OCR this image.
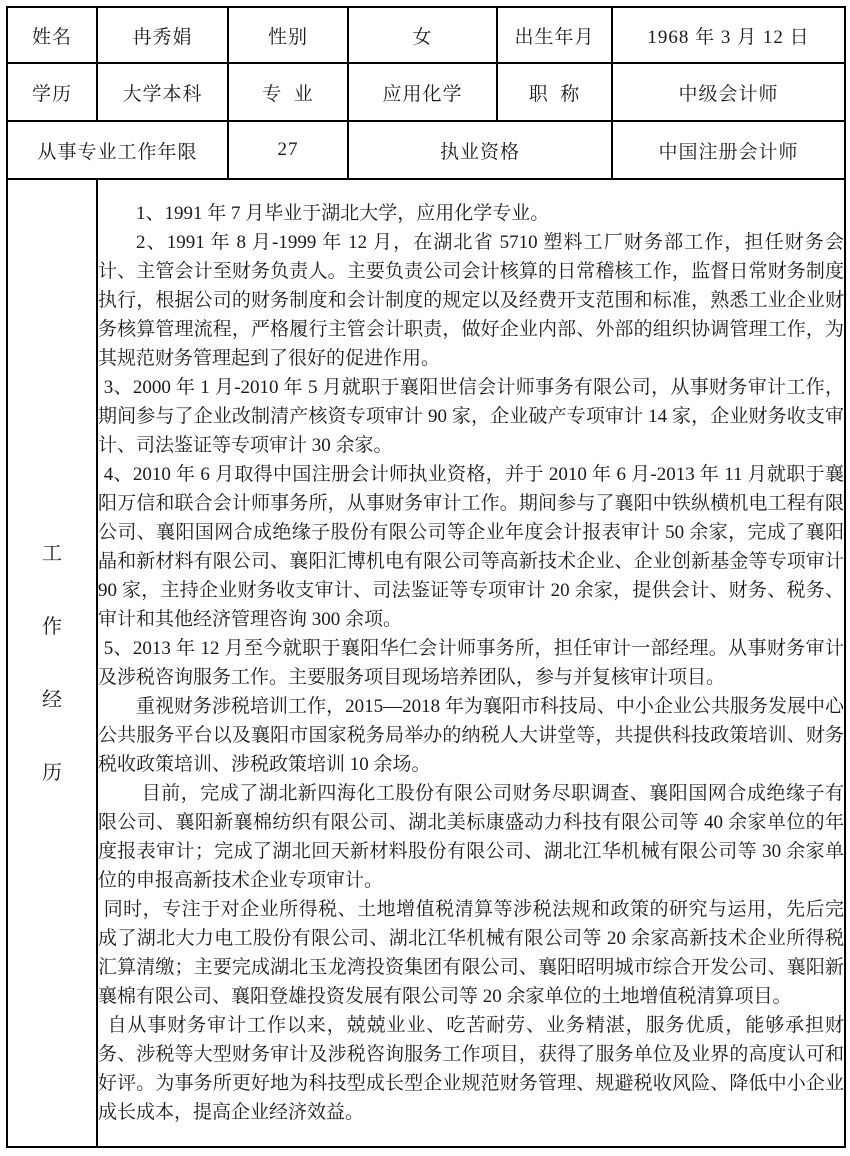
姓名	冉秀娟	性别	女	出生年月	1968 年 3 月 12 日
学历	大学本科	专  业	应用化学	职  称	中级会计师
从事专业工作年限		27	执业资格		中国注册会计师

工
作
经
历

1、1991 年 7 月毕业于湖北大学，应用化学专业。

2、1991 年 8 月-1999 年 12 月，在湖北省 5710 塑料工厂财务部工作，担任财务会计、主管会计至财务负责人。主要负责公司会计核算的日常稽核工作，监督日常财务制度执行，根据公司的财务制度和会计制度的规定以及经费开支范围和标准，熟悉工业企业财务核算管理流程，严格履行主管会计职责，做好企业内部、外部的组织协调管理工作，为其规范财务管理起到了很好的促进作用。

3、2000 年 1 月-2010 年 5 月就职于襄阳世信会计师事务有限公司，从事财务审计工作，期间参与了企业改制清产核资专项审计 90 家，企业破产专项审计 14 家，企业财务收支审计、司法鉴证等专项审计 30 余家。

4、2010 年 6 月取得中国注册会计师执业资格，并于 2010 年 6 月-2013 年 11 月就职于襄阳万信和联合会计师事务所，从事财务审计工作。期间参与了襄阳中铁纵横机电工程有限公司、襄阳国网合成绝缘子股份有限公司等企业年度会计报表审计 50 余家，完成了襄阳晶和新材料有限公司、襄阳汇博机电有限公司等高新技术企业、企业创新基金等专项审计 90 家，主持企业财务收支审计、司法鉴证等专项审计 20 余家，提供会计、财务、税务、审计和其他经济管理咨询 300 余项。

5、2013 年 12 月至今就职于襄阳华仁会计师事务所，担任审计一部经理。从事财务审计及涉税咨询服务工作。主要服务项目现场培养团队，参与并复核审计项目。

重视财务涉税培训工作，2015—2018 年为襄阳市科技局、中小企业公共服务发展中心公共服务平台以及襄阳市国家税务局举办的纳税人大讲堂等，共提供科技政策培训、财务税收政策培训、涉税政策培训 10 余场。

目前，完成了湖北新四海化工股份有限公司财务尽职调查、襄阳国网合成绝缘子有限公司、襄阳新襄棉纺织有限公司、湖北美标康盛动力科技有限公司等 40 余家单位的年度报表审计；完成了湖北回天新材料股份有限公司、湖北江华机械有限公司等 30 余家单位的申报高新技术企业专项审计。

同时，专注于对企业所得税、土地增值税清算等涉税法规和政策的研究与运用，先后完成了湖北大力电工股份有限公司、湖北江华机械有限公司等 20 余家高新技术企业所得税汇算清缴；主要完成湖北玉龙湾投资集团有限公司、襄阳昭明城市综合开发公司、襄阳新襄棉有限公司、襄阳登雄投资发展有限公司等 20 余家单位的土地增值税清算项目。

自从事财务审计工作以来，兢兢业业、吃苦耐劳、业务精湛，服务优质，能够承担财务、涉税等大型财务审计及涉税咨询服务工作项目，获得了服务单位及业界的高度认可和好评。为事务所更好地为科技型成长型企业规范财务管理、规避税收风险、降低中小企业成长成本，提高企业经济效益。
